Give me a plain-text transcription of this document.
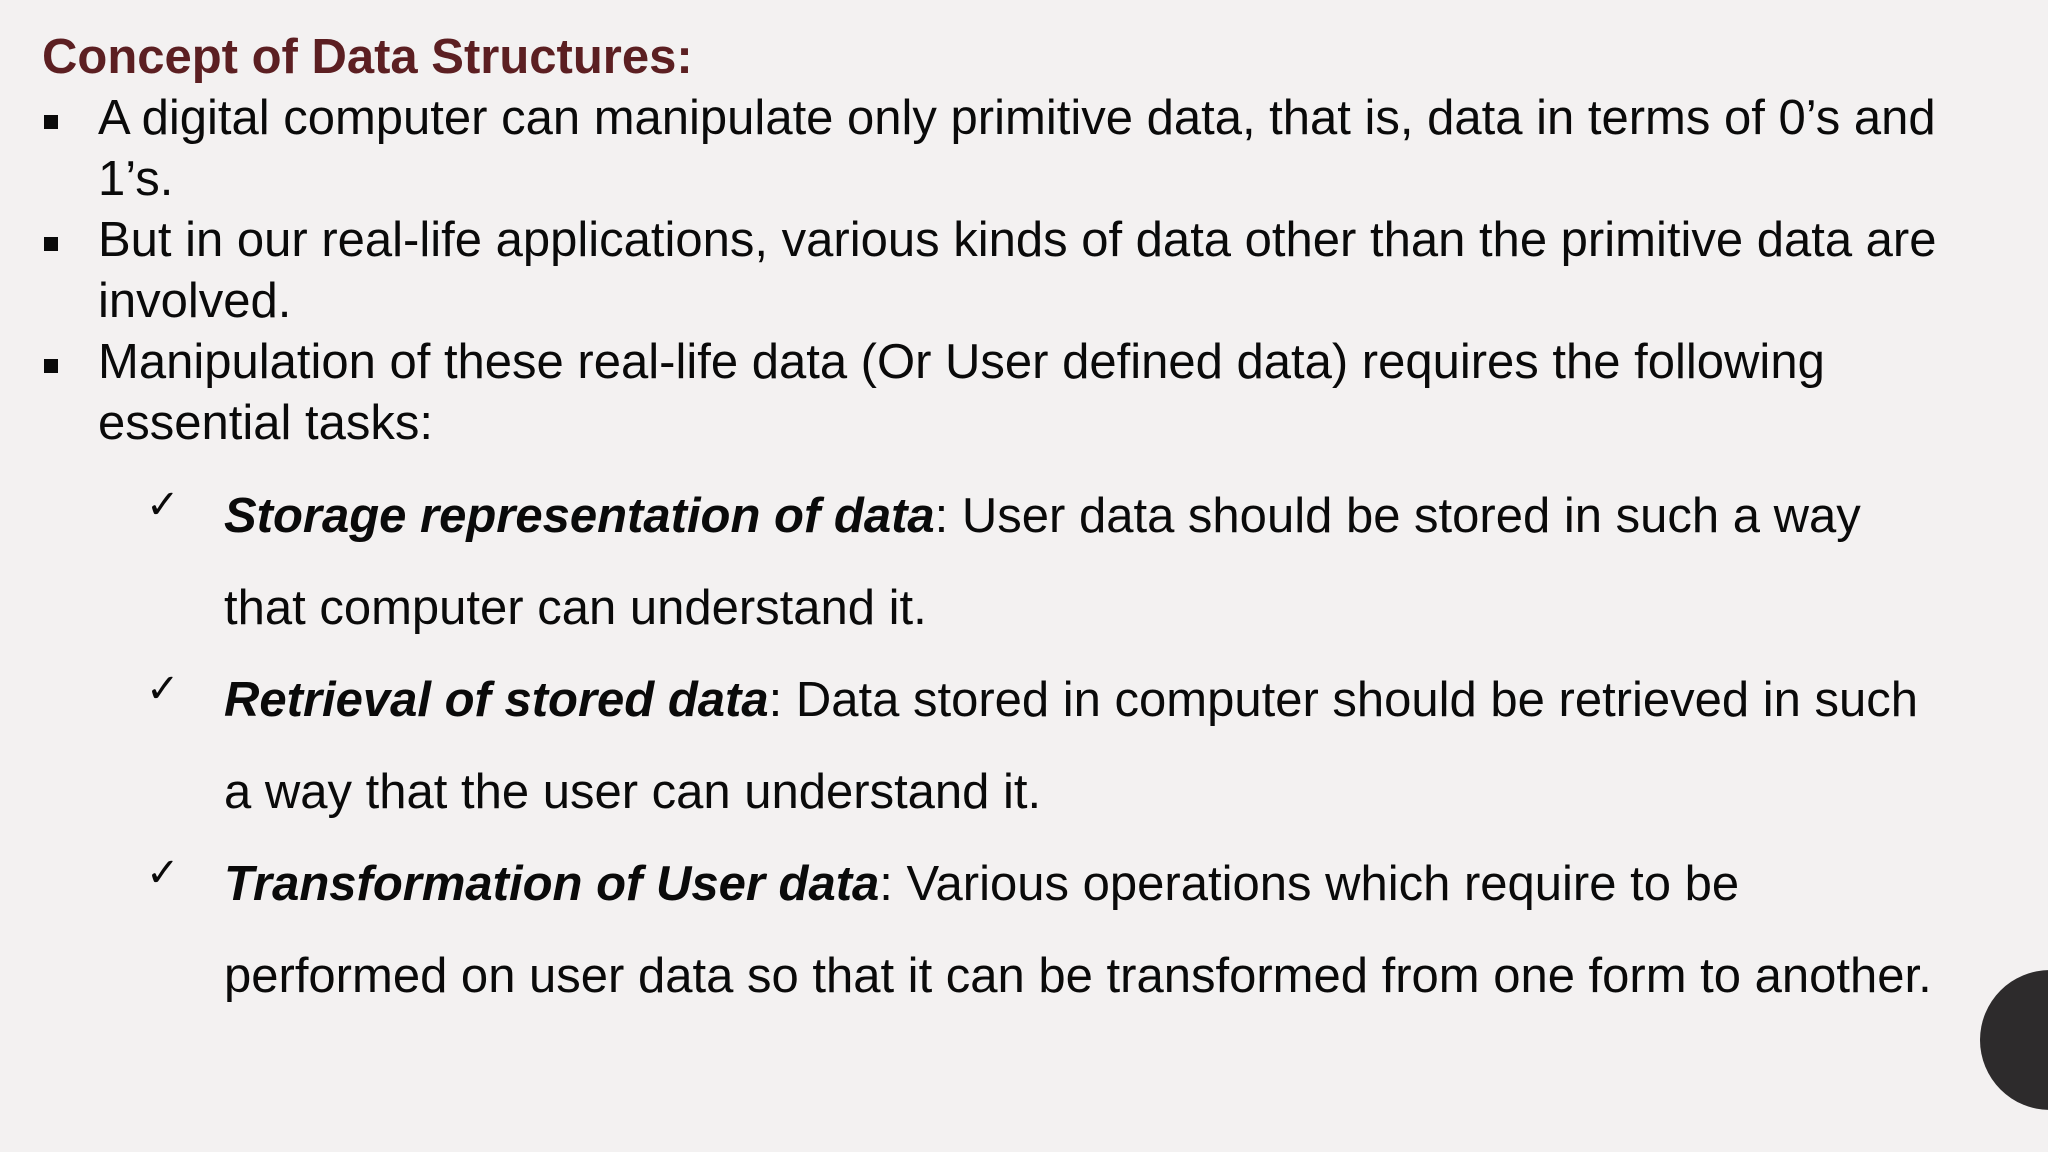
Concept of Data Structures:
A digital computer can manipulate only primitive data, that is, data in terms of 0’s and 1’s.
But in our real-life applications, various kinds of data other than the primitive data are involved.
Manipulation of these real-life data (Or User defined data) requires the following essential tasks:
✓ Storage representation of data: User data should be stored in such a way that computer can understand it.
✓ Retrieval of stored data: Data stored in computer should be retrieved in such a way that the user can understand it.
✓ Transformation of User data: Various operations which require to be performed on user data so that it can be transformed from one form to another.
